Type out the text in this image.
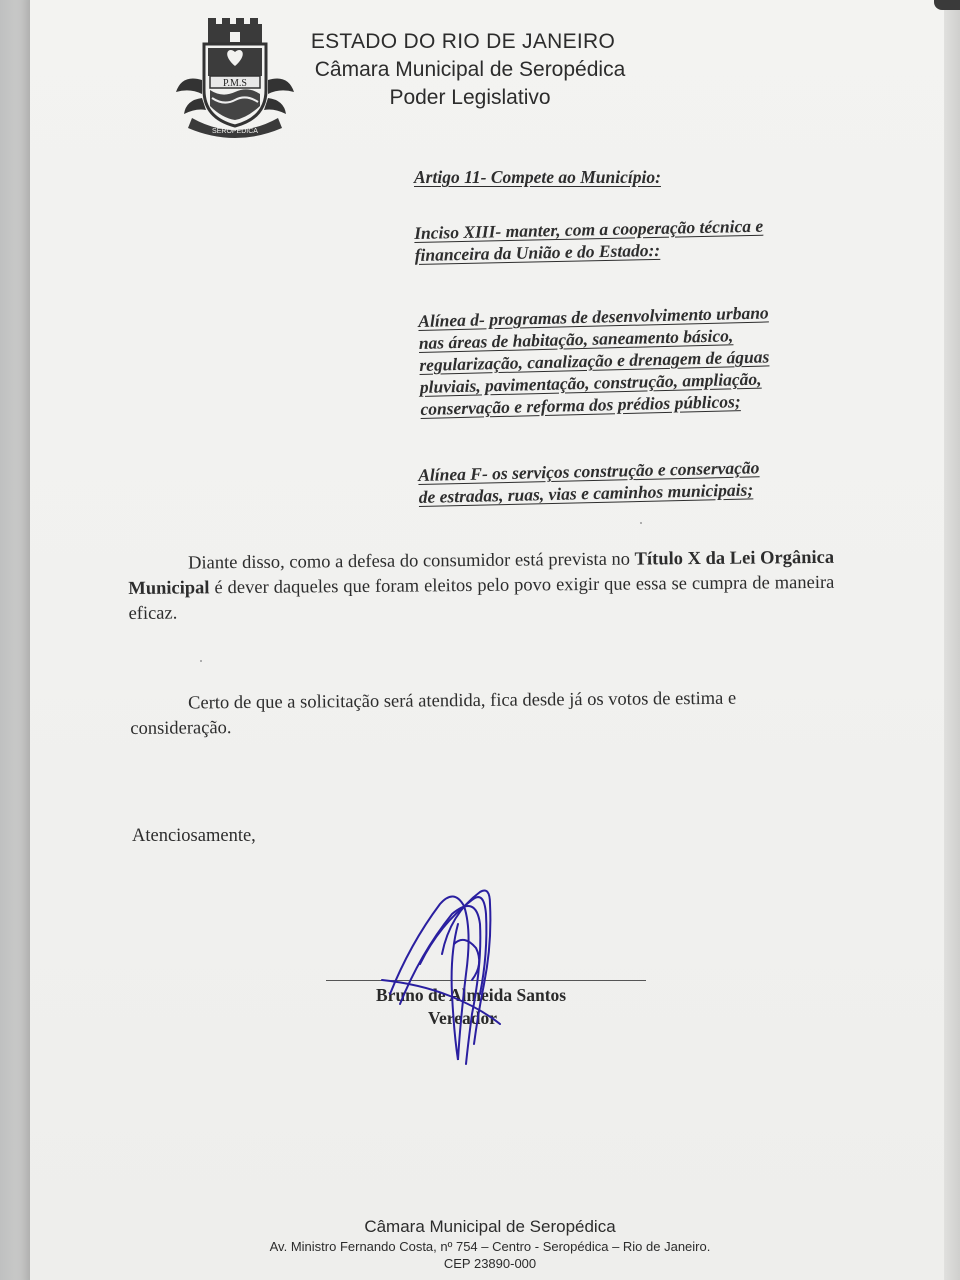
P.M.S
SEROPÉDICA
ESTADO DO RIO DE JANEIRO
Câmara Municipal de Seropédica
Poder Legislativo
Artigo 11- Compete ao Município:
Inciso XIII- manter, com a cooperação técnica e
financeira da União e do Estado::
Alínea d- programas de desenvolvimento urbano
nas áreas de habitação, saneamento básico,
regularização, canalização e drenagem de águas
pluviais, pavimentação, construção, ampliação,
conservação e reforma dos prédios públicos;
Alínea F- os serviços construção e conservação
de estradas, ruas, vias e caminhos municipais;
Diante disso, como a defesa do consumidor está prevista no Título X da Lei Orgânica Municipal é dever daqueles que foram eleitos pelo povo exigir que essa se cumpra de maneira eficaz.
Certo de que a solicitação será atendida, fica desde já os votos de estima e consideração.
Atenciosamente,
Bruno de Almeida Santos
Vereador
Câmara Municipal de Seropédica
Av. Ministro Fernando Costa, nº 754 – Centro - Seropédica – Rio de Janeiro.
CEP 23890-000
